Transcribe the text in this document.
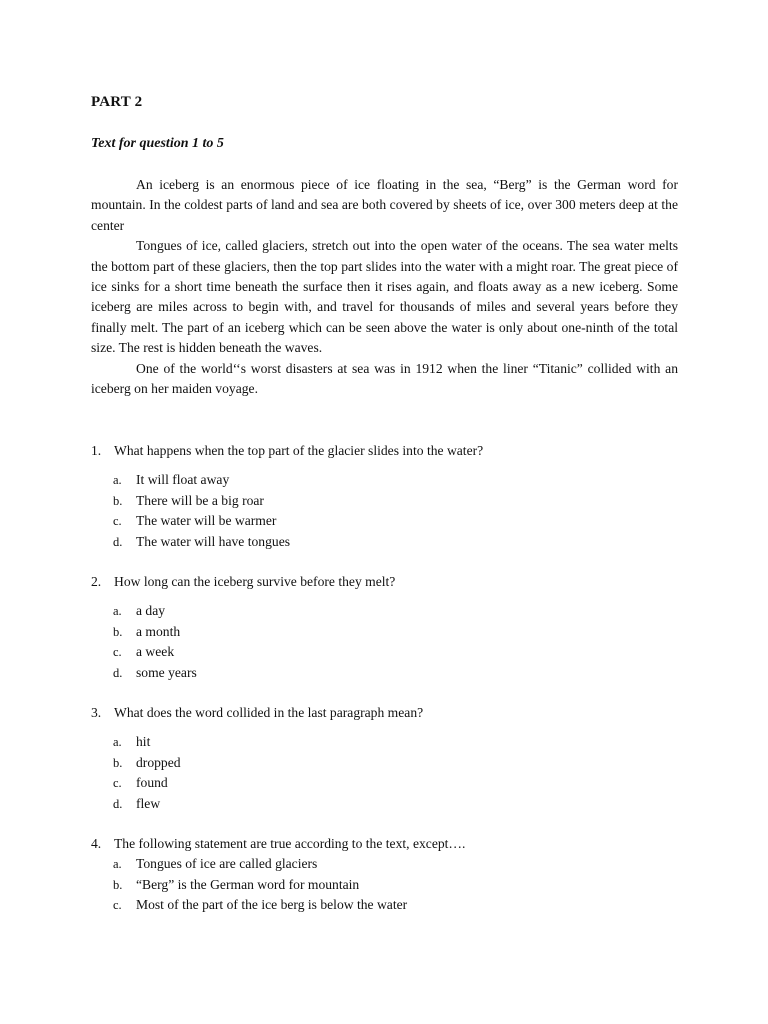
PART 2
Text for question 1 to 5

An iceberg is an enormous piece of ice floating in the sea, “Berg” is the German word for mountain. In the coldest parts of land and sea are both covered by sheets of ice, over 300 meters deep at the center

Tongues of ice, called glaciers, stretch out into the open water of the oceans. The sea water melts the bottom part of these glaciers, then the top part slides into the water with a might roar. The great piece of ice sinks for a short time beneath the surface then it rises again, and floats away as a new iceberg. Some iceberg are miles across to begin with, and travel for thousands of miles and several years before they finally melt. The part of an iceberg which can be seen above the water is only about one-ninth of the total size. The rest is hidden beneath the waves.

One of the world‘‘s worst disasters at sea was in 1912 when the liner “Titanic” collided with an iceberg on her maiden voyage.

1. What happens when the top part of the glacier slides into the water?
a. It will float away
b. There will be a big roar
c. The water will be warmer
d. The water will have tongues
2. How long can the iceberg survive before they melt?
a. a day
b. a month
c. a week
d. some years
3. What does the word collided in the last paragraph mean?
a. hit
b. dropped
c. found
d. flew
4. The following statement are true according to the text, except….
a. Tongues of ice are called glaciers
b. “Berg” is the German word for mountain
c. Most of the part of the ice berg is below the water
